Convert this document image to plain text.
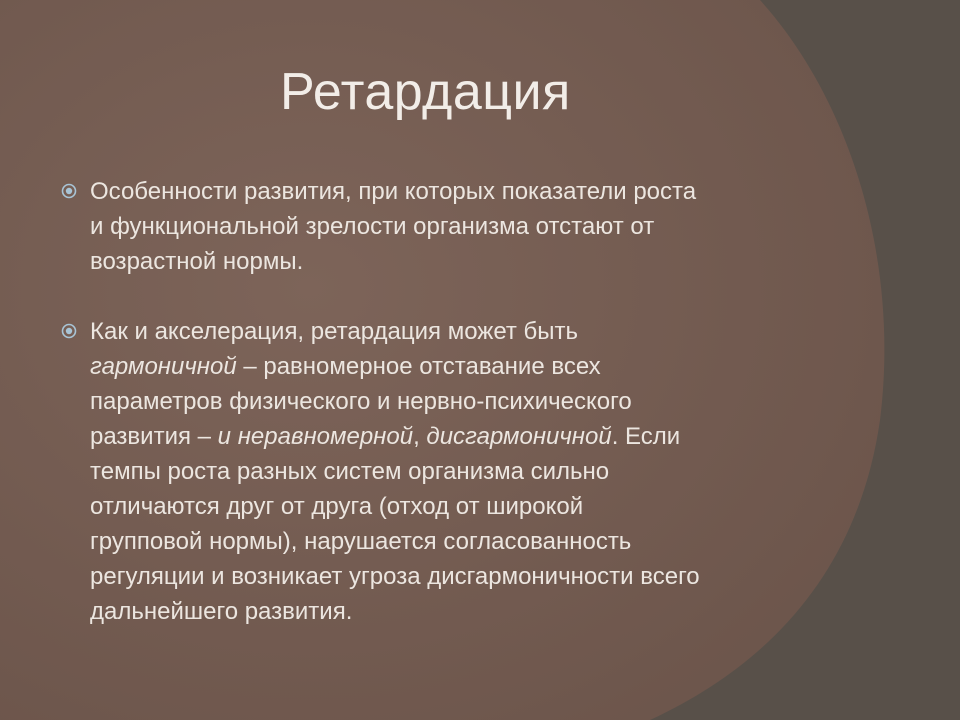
Ретардация
Особенности развития, при которых показатели роста
и функциональной зрелости организма отстают от
возрастной нормы.
Как и акселерация, ретардация может быть
гармоничной – равномерное отставание всех
параметров физического и нервно-психического
развития – и неравномерной, дисгармоничной. Если
темпы роста разных систем организма сильно
отличаются друг от друга (отход от широкой
групповой нормы), нарушается согласованность
регуляции и возникает угроза дисгармоничности всего
дальнейшего развития.
